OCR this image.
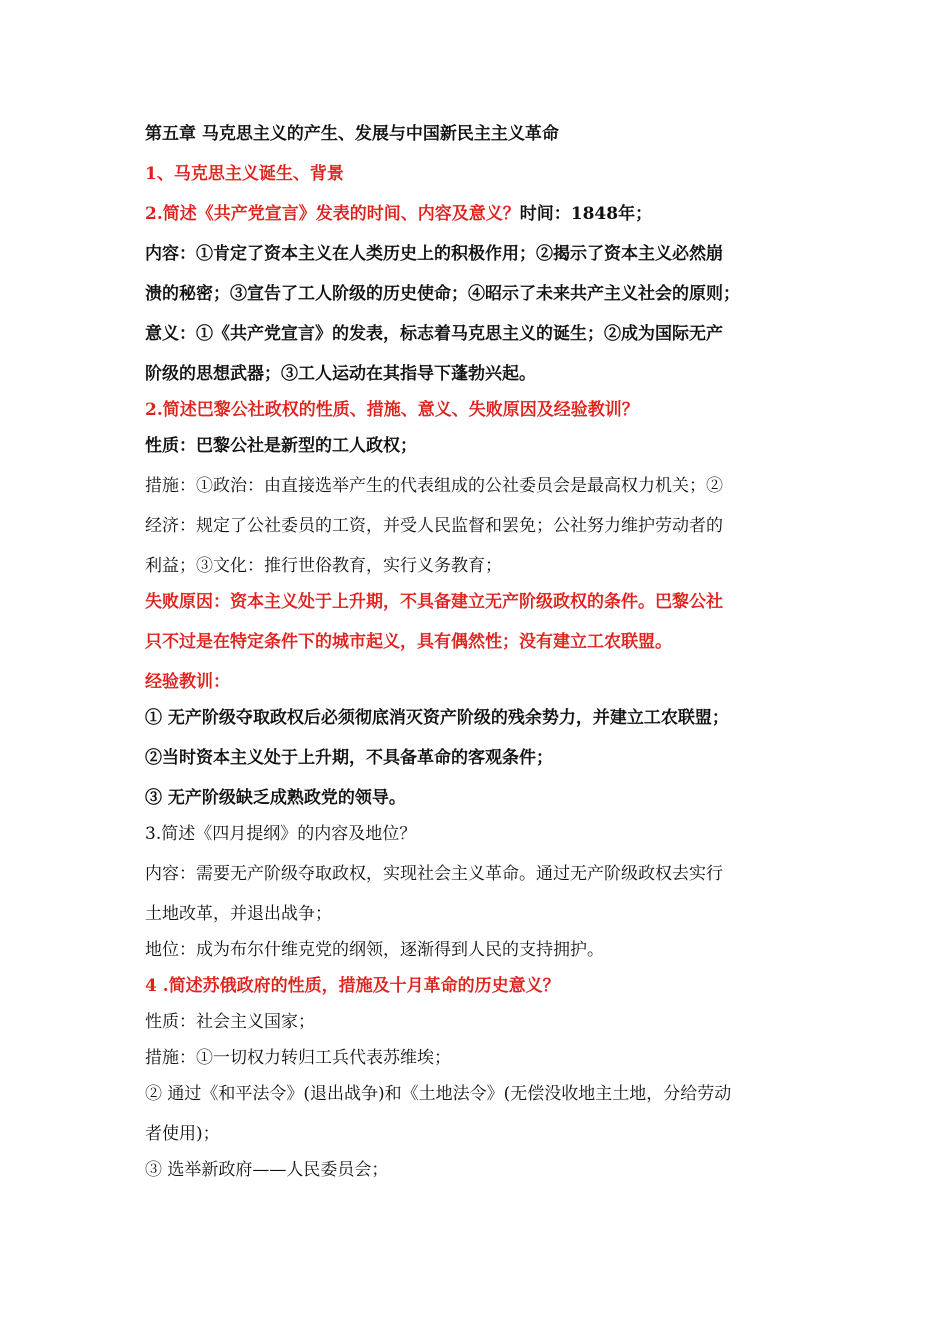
第五章 马克思主义的产生、发展与中国新民主主义革命

1、马克思主义诞生、背景

2.简述《共产党宣言》发表的时间、内容及意义？时间：1848年；

内容：①肯定了资本主义在人类历史上的积极作用；②揭示了资本主义必然崩

溃的秘密；③宣告了工人阶级的历史使命；④昭示了未来共产主义社会的原则；

意义：①《共产党宣言》的发表，标志着马克思主义的诞生；②成为国际无产

阶级的思想武器；③工人运动在其指导下蓬勃兴起。

2.简述巴黎公社政权的性质、措施、意义、失败原因及经验教训？

性质：巴黎公社是新型的工人政权；

措施：①政治：由直接选举产生的代表组成的公社委员会是最高权力机关；②

经济：规定了公社委员的工资，并受人民监督和罢免；公社努力维护劳动者的

利益；③文化：推行世俗教育，实行义务教育；

失败原因：资本主义处于上升期，不具备建立无产阶级政权的条件。巴黎公社

只不过是在特定条件下的城市起义，具有偶然性；没有建立工农联盟。

经验教训：

① 无产阶级夺取政权后必须彻底消灭资产阶级的残余势力，并建立工农联盟；

②当时资本主义处于上升期，不具备革命的客观条件；

③ 无产阶级缺乏成熟政党的领导。

3.简述《四月提纲》的内容及地位？

内容：需要无产阶级夺取政权，实现社会主义革命。通过无产阶级政权去实行

土地改革，并退出战争；

地位：成为布尔什维克党的纲领，逐渐得到人民的支持拥护。

4 .简述苏俄政府的性质，措施及十月革命的历史意义？

性质：社会主义国家；

措施：①一切权力转归工兵代表苏维埃；

② 通过《和平法令》(退出战争)和《土地法令》(无偿没收地主土地，分给劳动

者使用)；

③ 选举新政府——人民委员会；
